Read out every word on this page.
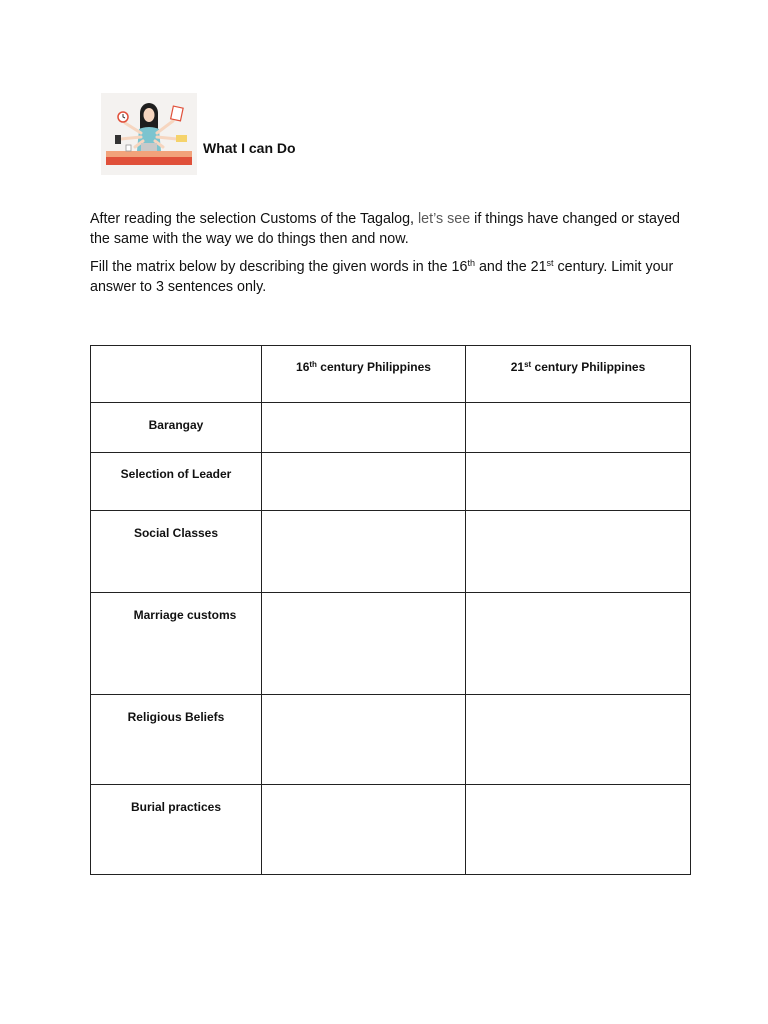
What I can Do

After reading the selection Customs of the Tagalog, let’s see if things have changed or stayed the same with the way we do things then and now.

Fill the matrix below by describing the given words in the 16th and the 21st century. Limit your answer to 3 sentences only.

	16th century Philippines	21st century Philippines

Barangay		

Selection of Leader		

Social Classes		

Marriage customs		

Religious Beliefs		

Burial practices		
